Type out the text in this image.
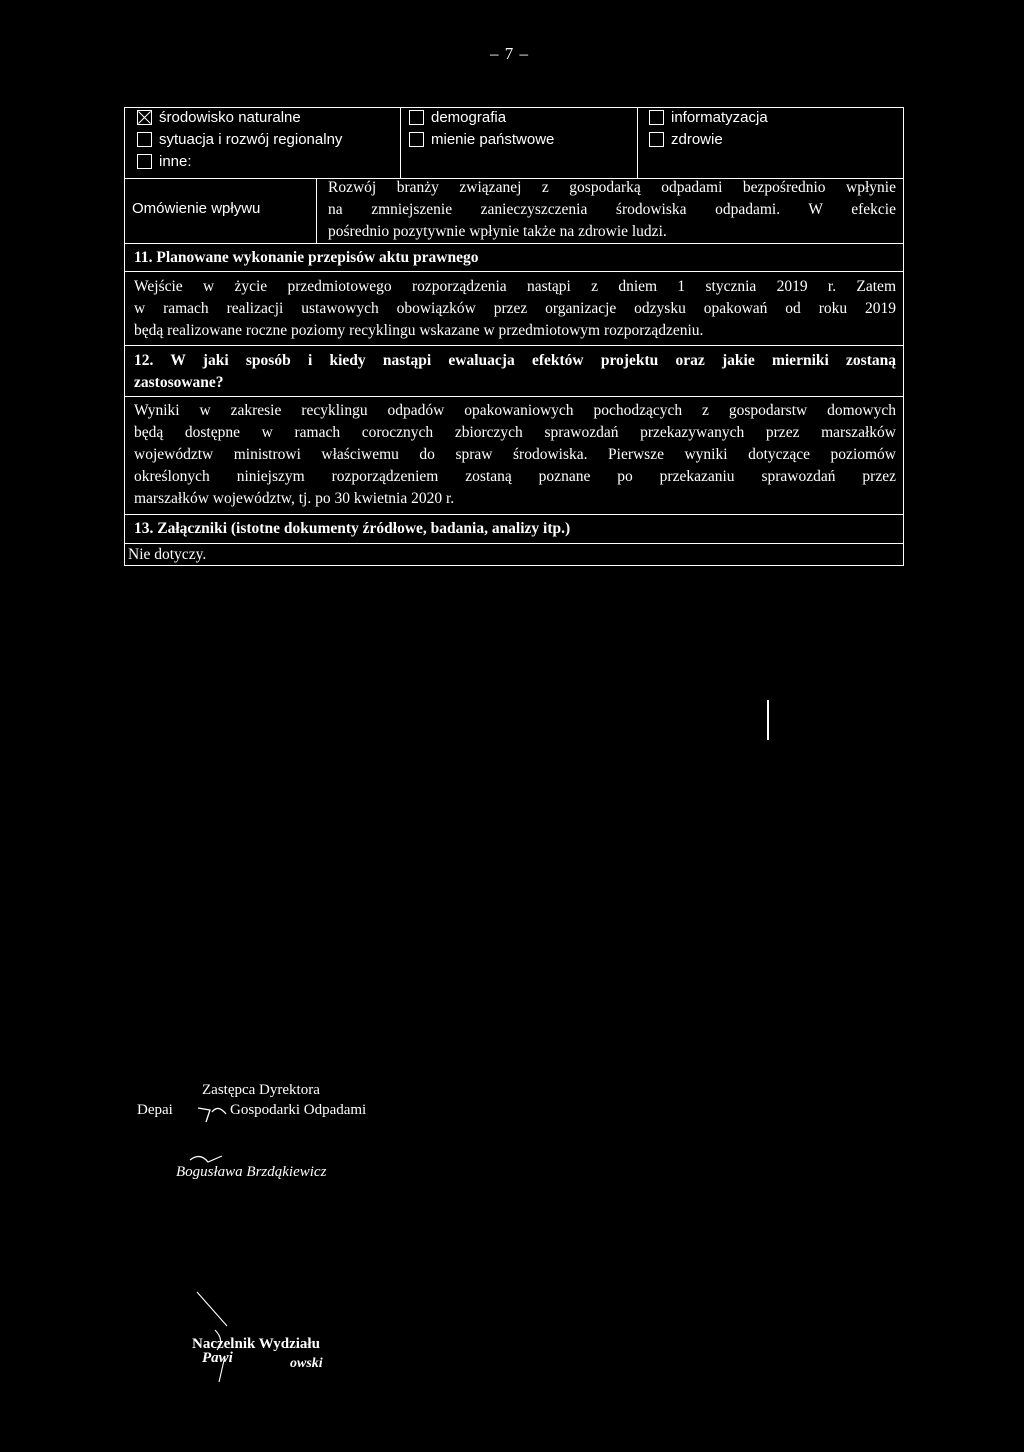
– 7 –
środowisko naturalne
sytuacja i rozwój regionalny
inne:
demografia
mienie państwowe
informatyzacja
zdrowie
Omówienie wpływu
Rozwój branży związanej z gospodarką odpadami bezpośrednio wpłynie
na zmniejszenie zanieczyszczenia środowiska odpadami. W efekcie
pośrednio pozytywnie wpłynie także na zdrowie ludzi.
11. Planowane wykonanie przepisów aktu prawnego
Wejście w życie przedmiotowego rozporządzenia nastąpi z dniem 1 stycznia 2019 r. Zatem
w ramach realizacji ustawowych obowiązków przez organizacje odzysku opakowań od roku 2019
będą realizowane roczne poziomy recyklingu wskazane w przedmiotowym rozporządzeniu.
12. W jaki sposób i kiedy nastąpi ewaluacja efektów projektu oraz jakie mierniki zostaną
zastosowane?
Wyniki w zakresie recyklingu odpadów opakowaniowych pochodzących z gospodarstw domowych
będą dostępne w ramach corocznych zbiorczych sprawozdań przekazywanych przez marszałków
województw ministrowi właściwemu do spraw środowiska. Pierwsze wyniki dotyczące poziomów
określonych niniejszym rozporządzeniem zostaną poznane po przekazaniu sprawozdań przez
marszałków województw, tj. po 30 kwietnia 2020 r.
13. Załączniki (istotne dokumenty źródłowe, badania, analizy itp.)
Nie dotyczy.
Zastępca Dyrektora
Depai	Gospodarki Odpadami
Bogusława Brzdąkiewicz
Naczelnik Wydziału
Pawi	owski
